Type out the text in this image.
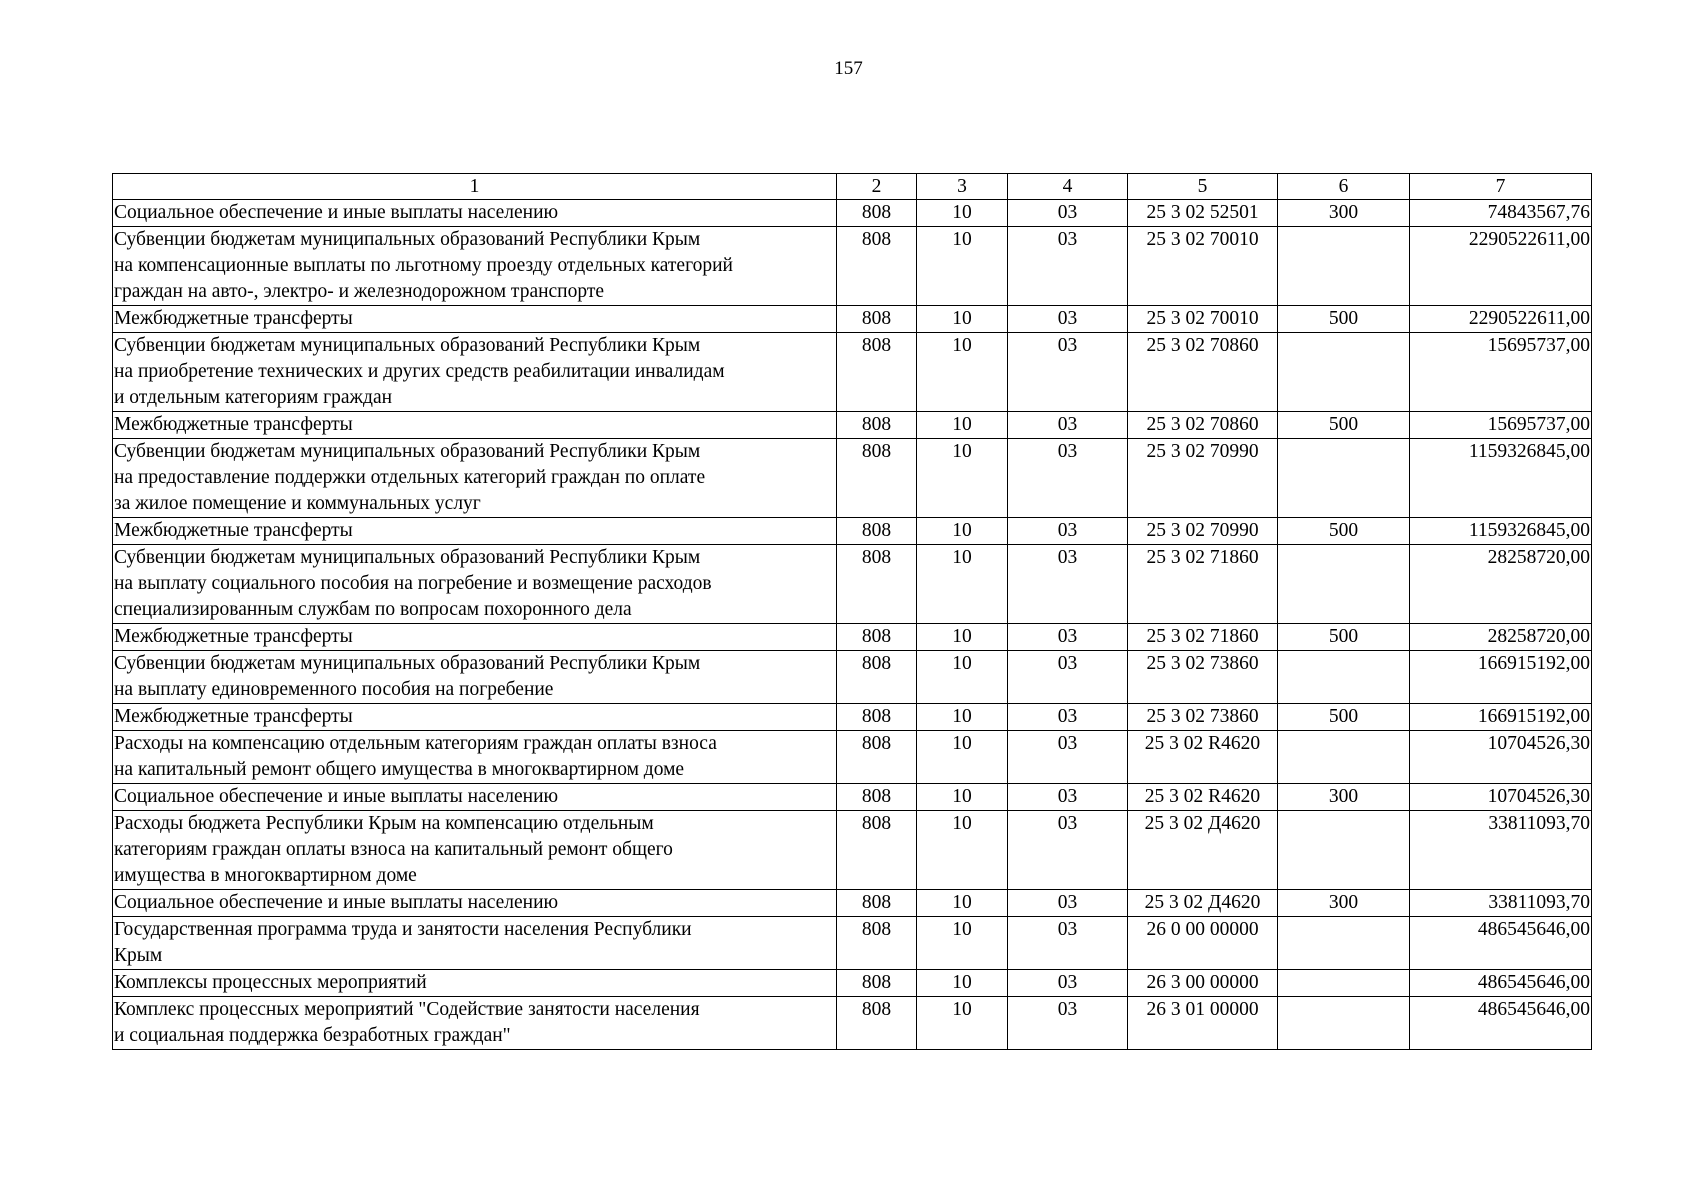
157
1	2	3	4	5	6	7

Социальное обеспечение и иные выплаты населению	808	10	03	25 3 02 52501	300	74843567,76

Субвенции бюджетам муниципальных образований Республики Крым
на компенсационные выплаты по льготному проезду отдельных категорий
граждан на авто-, электро- и железнодорожном транспорте	808	10	03	25 3 02 70010		2290522611,00

Межбюджетные трансферты	808	10	03	25 3 02 70010	500	2290522611,00

Субвенции бюджетам муниципальных образований Республики Крым
на приобретение технических и других средств реабилитации инвалидам
и отдельным категориям граждан	808	10	03	25 3 02 70860		15695737,00

Межбюджетные трансферты	808	10	03	25 3 02 70860	500	15695737,00

Субвенции бюджетам муниципальных образований Республики Крым
на предоставление поддержки отдельных категорий граждан по оплате
за жилое помещение и коммунальных услуг	808	10	03	25 3 02 70990		1159326845,00

Межбюджетные трансферты	808	10	03	25 3 02 70990	500	1159326845,00

Субвенции бюджетам муниципальных образований Республики Крым
на выплату социального пособия на погребение и возмещение расходов
специализированным службам по вопросам похоронного дела	808	10	03	25 3 02 71860		28258720,00

Межбюджетные трансферты	808	10	03	25 3 02 71860	500	28258720,00

Субвенции бюджетам муниципальных образований Республики Крым
на выплату единовременного пособия на погребение	808	10	03	25 3 02 73860		166915192,00

Межбюджетные трансферты	808	10	03	25 3 02 73860	500	166915192,00

Расходы на компенсацию отдельным категориям граждан оплаты взноса
на капитальный ремонт общего имущества в многоквартирном доме	808	10	03	25 3 02 R4620		10704526,30

Социальное обеспечение и иные выплаты населению	808	10	03	25 3 02 R4620	300	10704526,30

Расходы бюджета Республики Крым на компенсацию отдельным
категориям граждан оплаты взноса на капитальный ремонт общего
имущества в многоквартирном доме	808	10	03	25 3 02 Д4620		33811093,70

Социальное обеспечение и иные выплаты населению	808	10	03	25 3 02 Д4620	300	33811093,70

Государственная программа труда и занятости населения Республики
Крым	808	10	03	26 0 00 00000		486545646,00

Комплексы процессных мероприятий	808	10	03	26 3 00 00000		486545646,00

Комплекс процессных мероприятий "Содействие занятости населения
и социальная поддержка безработных граждан"	808	10	03	26 3 01 00000		486545646,00
